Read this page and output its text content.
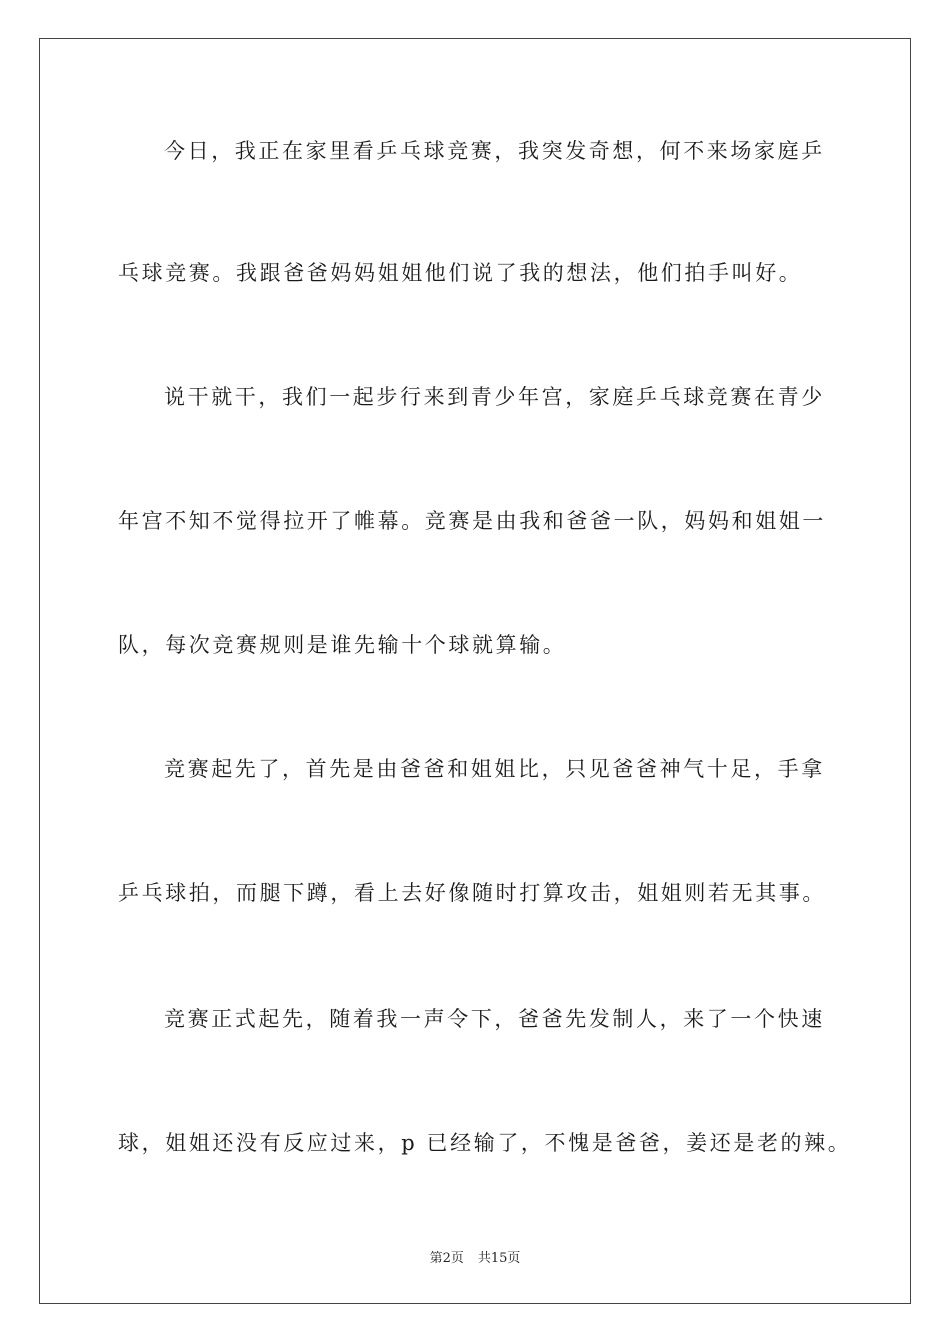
今日，我正在家里看乒乓球竞赛，我突发奇想，何不来场家庭乒
乓球竞赛。我跟爸爸妈妈姐姐他们说了我的想法，他们拍手叫好。
说干就干，我们一起步行来到青少年宫，家庭乒乓球竞赛在青少
年宫不知不觉得拉开了帷幕。竞赛是由我和爸爸一队，妈妈和姐姐一
队，每次竞赛规则是谁先输十个球就算输。
竞赛起先了，首先是由爸爸和姐姐比，只见爸爸神气十足，手拿
乒乓球拍，而腿下蹲，看上去好像随时打算攻击，姐姐则若无其事。
竞赛正式起先，随着我一声令下，爸爸先发制人，来了一个快速
球，姐姐还没有反应过来，p 已经输了，不愧是爸爸，姜还是老的辣。
第2页 共15页
